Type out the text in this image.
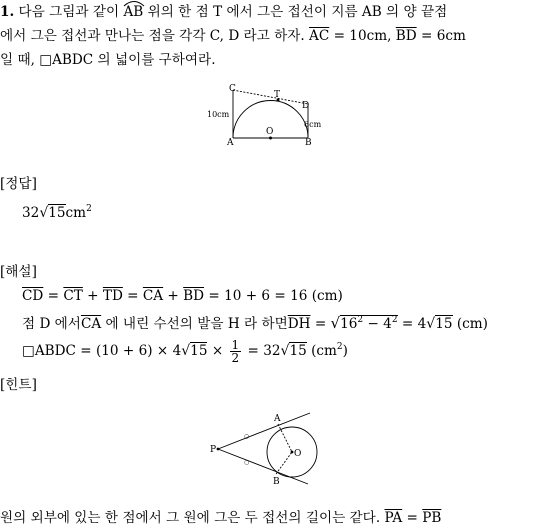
1. 다음 그림과 같이 AB 위의 한 점 T 에서 그은 접선이 지름 AB 의 양 끝점
에서 그은 접선과 만나는 점을 각각 C, D 라고 하자. $\overline{AC} = 10cm$, $\overline{BD} = 6cm$
일 때, □ABDC 의 넓이를 구하여라.
C
T
D
O
A	B
10cm
6cm
[정답]
$32√15cm^2$
[해설]
$\overline{CD} = \overline{CT} + \overline{TD} = \overline{CA} + \overline{BD} = 10 + 6 = 16$ (cm)
점 D 에서$\overline{CA}$ 에 내린 수선의 발을 H 라 하면$\overline{DH} = √16^2 - 4^2 = 4√15$ (cm)
□ABDC = $(10 + 6) \times 4√15 \times \frac{1}{2} = 32√15$ $(cm^2)$
[힌트]
A
B
P	O
○
○
원의 외부에 있는 한 점에서 그 원에 그은 두 접선의 길이는 같다. $\overline{PA} = \overline{PB}$
